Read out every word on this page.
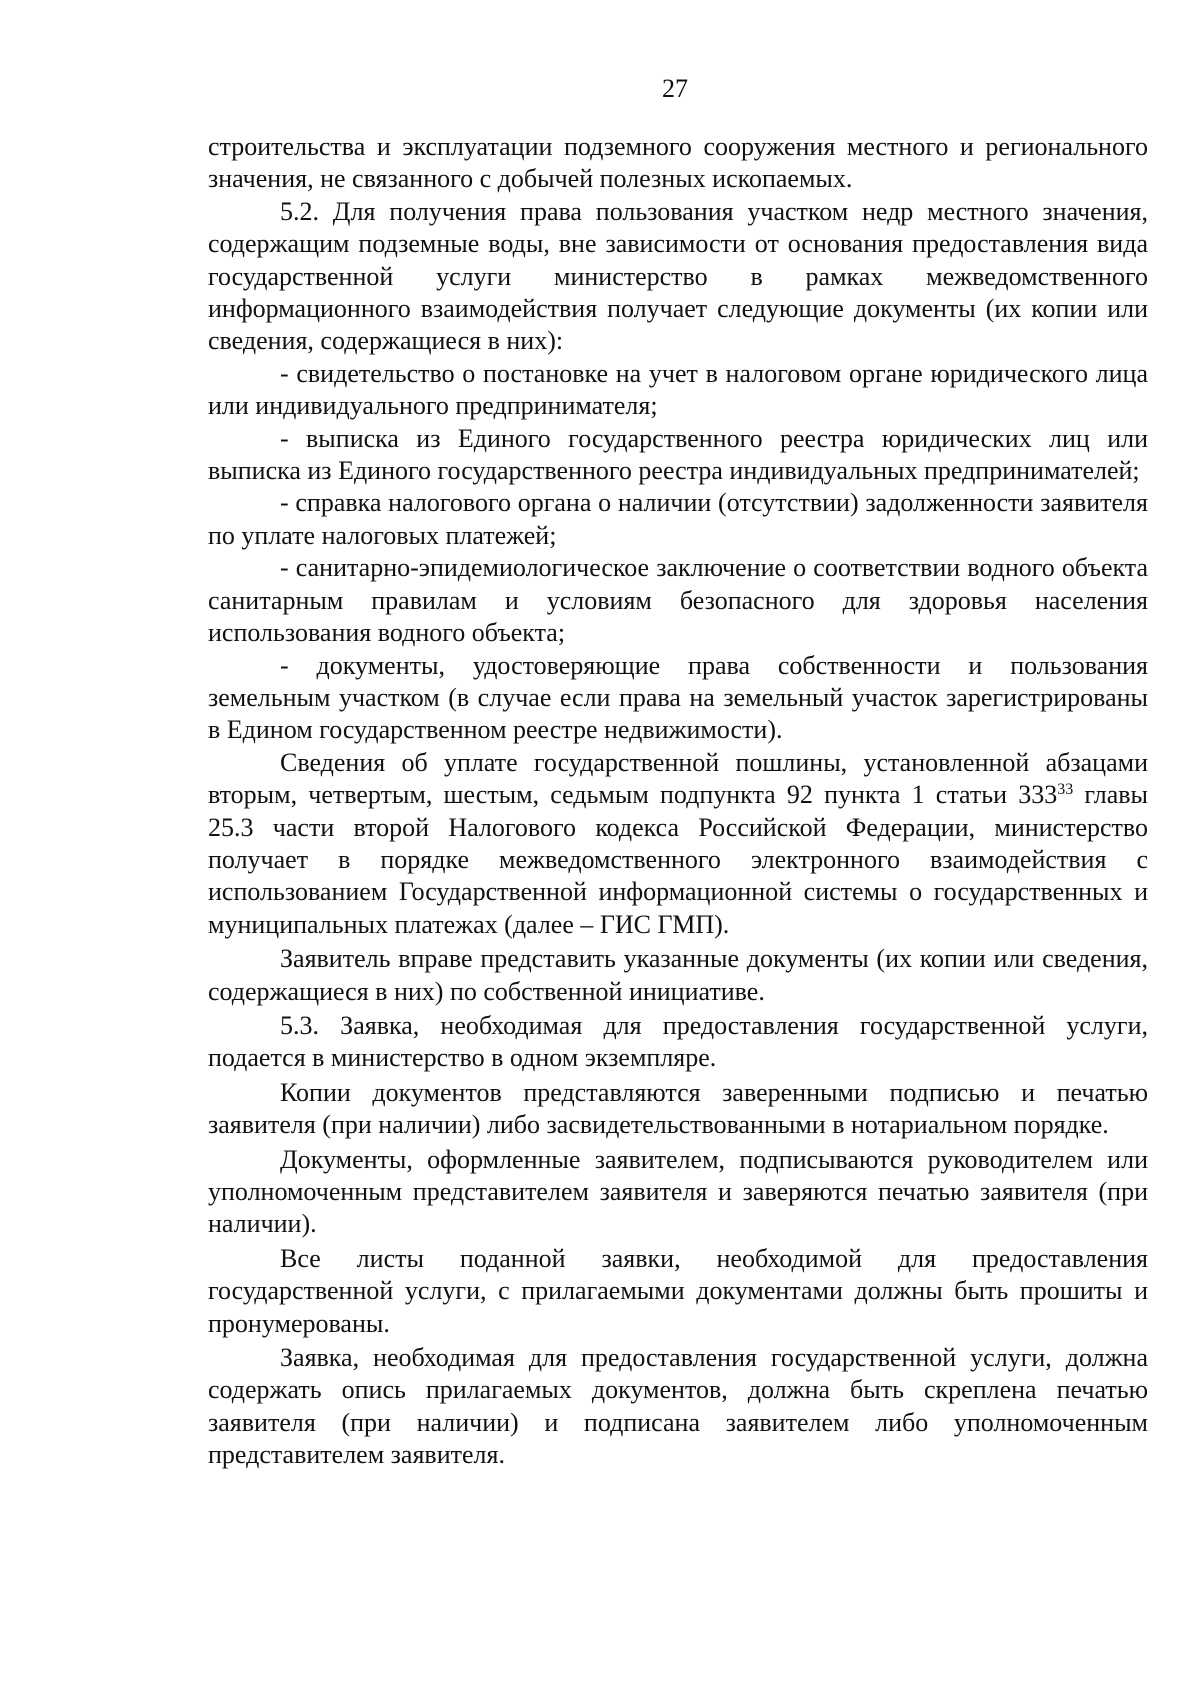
27

строительства и эксплуатации подземного сооружения местного и регионального значения, не связанного с добычей полезных ископаемых.

5.2. Для получения права пользования участком недр местного значения, содержащим подземные воды, вне зависимости от основания предоставления вида государственной услуги министерство в рамках межведомственного информационного взаимодействия получает следующие документы (их копии или сведения, содержащиеся в них):

- свидетельство о постановке на учет в налоговом органе юридического лица или индивидуального предпринимателя;

- выписка из Единого государственного реестра юридических лиц или выписка из Единого государственного реестра индивидуальных предпринимателей;

- справка налогового органа о наличии (отсутствии) задолженности заявителя по уплате налоговых платежей;

- санитарно-эпидемиологическое заключение о соответствии водного объекта санитарным правилам и условиям безопасного для здоровья населения использования водного объекта;

- документы, удостоверяющие права собственности и пользования земельным участком (в случае если права на земельный участок зарегистрированы в Едином государственном реестре недвижимости).

Сведения об уплате государственной пошлины, установленной абзацами вторым, четвертым, шестым, седьмым подпункта 92 пункта 1 статьи $333^{33}$ главы 25.3 части второй Налогового кодекса Российской Федерации, министерство получает в порядке межведомственного электронного взаимодействия с использованием Государственной информационной системы о государственных и муниципальных платежах (далее – ГИС ГМП).

Заявитель вправе представить указанные документы (их копии или сведения, содержащиеся в них) по собственной инициативе.

5.3. Заявка, необходимая для предоставления государственной услуги, подается в министерство в одном экземпляре.

Копии документов представляются заверенными подписью и печатью заявителя (при наличии) либо засвидетельствованными в нотариальном порядке.

Документы, оформленные заявителем, подписываются руководителем или уполномоченным представителем заявителя и заверяются печатью заявителя (при наличии).

Все листы поданной заявки, необходимой для предоставления государственной услуги, с прилагаемыми документами должны быть прошиты и пронумерованы.

Заявка, необходимая для предоставления государственной услуги, должна содержать опись прилагаемых документов, должна быть скреплена печатью заявителя (при наличии) и подписана заявителем либо уполномоченным представителем заявителя.
